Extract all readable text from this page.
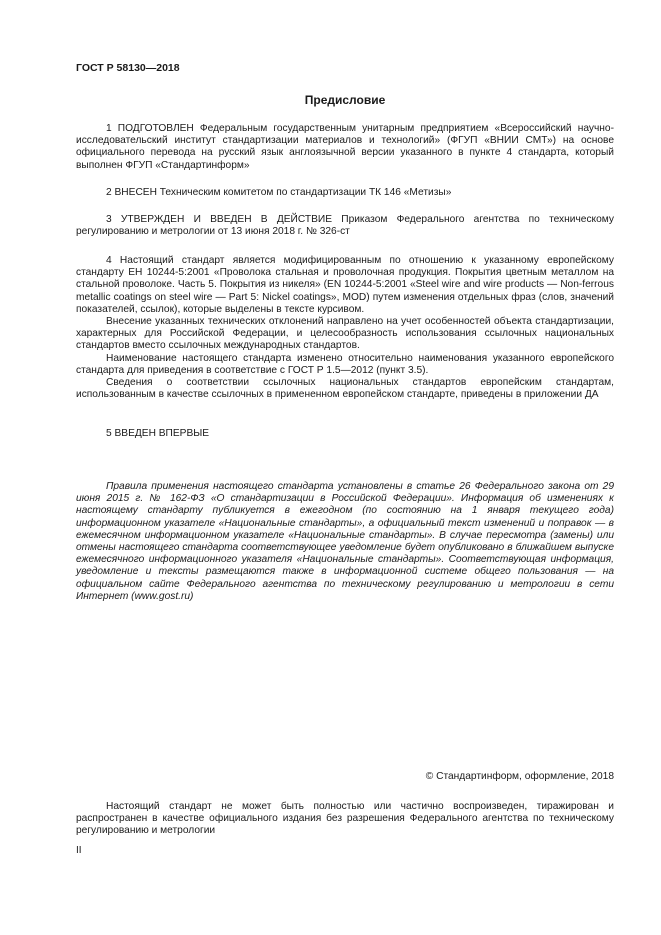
ГОСТ Р 58130—2018
Предисловие

1 ПОДГОТОВЛЕН Федеральным государственным унитарным предприятием «Всероссийский научно-исследовательский институт стандартизации материалов и технологий» (ФГУП «ВНИИ СМТ») на основе официального перевода на русский язык англоязычной версии указанного в пункте 4 стандарта, который выполнен ФГУП «Стандартинформ»

2 ВНЕСЕН Техническим комитетом по стандартизации ТК 146 «Метизы»

3 УТВЕРЖДЕН И ВВЕДЕН В ДЕЙСТВИЕ Приказом Федерального агентства по техническому регулированию и метрологии от 13 июня 2018 г. № 326-ст

4 Настоящий стандарт является модифицированным по отношению к указанному европейскому стандарту ЕН 10244-5:2001 «Проволока стальная и проволочная продукция. Покрытия цветным металлом на стальной проволоке. Часть 5. Покрытия из никеля» (EN 10244-5:2001 «Steel wire and wire products — Non-ferrous metallic coatings on steel wire — Part 5: Nickel coatings», MOD) путем изменения отдельных фраз (слов, значений показателей, ссылок), которые выделены в тексте курсивом.

Внесение указанных технических отклонений направлено на учет особенностей объекта стандартизации, характерных для Российской Федерации, и целесообразность использования ссылочных национальных стандартов вместо ссылочных международных стандартов.

Наименование настоящего стандарта изменено относительно наименования указанного европейского стандарта для приведения в соответствие с ГОСТ Р 1.5—2012 (пункт 3.5).

Сведения о соответствии ссылочных национальных стандартов европейским стандартам, использованным в качестве ссылочных в примененном европейском стандарте, приведены в приложении ДА

5 ВВЕДЕН ВПЕРВЫЕ

Правила применения настоящего стандарта установлены в статье 26 Федерального закона от 29 июня 2015 г. № 162-ФЗ «О стандартизации в Российской Федерации». Информация об изменениях к настоящему стандарту публикуется в ежегодном (по состоянию на 1 января текущего года) информационном указателе «Национальные стандарты», а официальный текст изменений и поправок — в ежемесячном информационном указателе «Национальные стандарты». В случае пересмотра (замены) или отмены настоящего стандарта соответствующее уведомление будет опубликовано в ближайшем выпуске ежемесячного информационного указателя «Национальные стандарты». Соответствующая информация, уведомление и тексты размещаются также в информационной системе общего пользования — на официальном сайте Федерального агентства по техническому регулированию и метрологии в сети Интернет (www.gost.ru)

© Стандартинформ, оформление, 2018

Настоящий стандарт не может быть полностью или частично воспроизведен, тиражирован и распространен в качестве официального издания без разрешения Федерального агентства по техническому регулированию и метрологии

II
